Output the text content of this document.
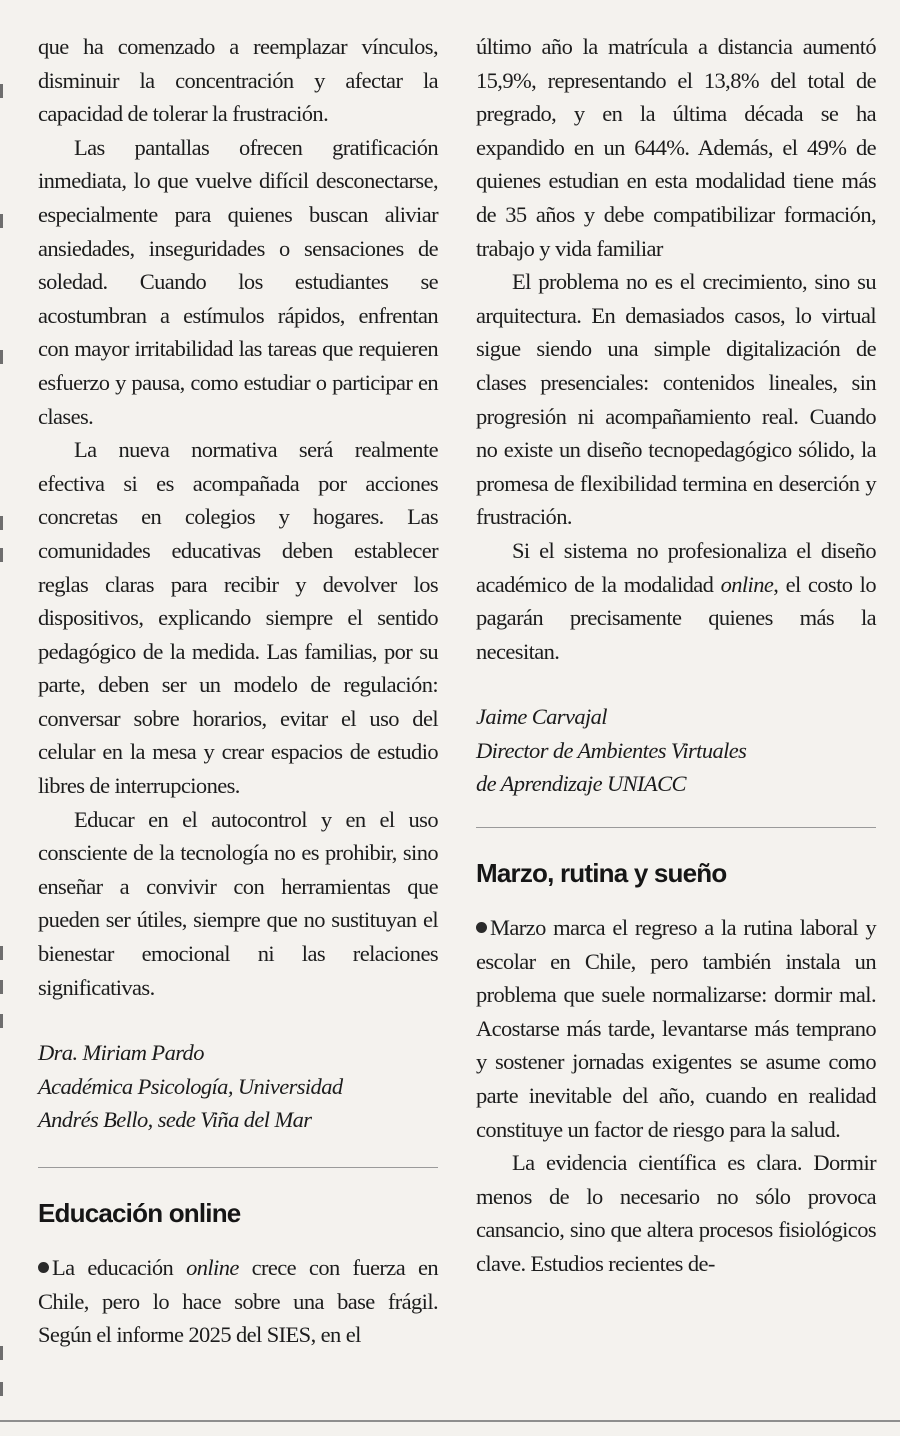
que ha comenzado a reemplazar vínculos, disminuir la concentración y afectar la capacidad de tolerar la frustración.

Las pantallas ofrecen gratificación inmediata, lo que vuelve difícil desconectarse, especialmente para quienes buscan aliviar ansiedades, inseguridades o sensaciones de soledad. Cuando los estudiantes se acostumbran a estímulos rápidos, enfrentan con mayor irritabilidad las tareas que requieren esfuerzo y pausa, como estudiar o participar en clases.

La nueva normativa será realmente efectiva si es acompañada por acciones concretas en colegios y hogares. Las comunidades educativas deben establecer reglas claras para recibir y devolver los dispositivos, explicando siempre el sentido pedagógico de la medida. Las familias, por su parte, deben ser un modelo de regulación: conversar sobre horarios, evitar el uso del celular en la mesa y crear espacios de estudio libres de interrupciones.

Educar en el autocontrol y en el uso consciente de la tecnología no es prohibir, sino enseñar a convivir con herramientas que pueden ser útiles, siempre que no sustituyan el bienestar emocional ni las relaciones significativas.

Dra. Miriam Pardo

Académica Psicología, Universidad

Andrés Bello, sede Viña del Mar

Educación online

La educación online crece con fuerza en Chile, pero lo hace sobre una base frágil. Según el informe 2025 del SIES, en el

último año la matrícula a distancia aumentó 15,9%, representando el 13,8% del total de pregrado, y en la última década se ha expandido en un 644%. Además, el 49% de quienes estudian en esta modalidad tiene más de 35 años y debe compatibilizar formación, trabajo y vida familiar

El problema no es el crecimiento, sino su arquitectura. En demasiados casos, lo virtual sigue siendo una simple digitalización de clases presenciales: contenidos lineales, sin progresión ni acompañamiento real. Cuando no existe un diseño tecnopedagógico sólido, la promesa de flexibilidad termina en deserción y frustración.

Si el sistema no profesionaliza el diseño académico de la modalidad online, el costo lo pagarán precisamente quienes más la necesitan.

Jaime Carvajal

Director de Ambientes Virtuales

de Aprendizaje UNIACC

Marzo, rutina y sueño

Marzo marca el regreso a la rutina laboral y escolar en Chile, pero también instala un problema que suele normalizarse: dormir mal. Acostarse más tarde, levantarse más temprano y sostener jornadas exigentes se asume como parte inevitable del año, cuando en realidad constituye un factor de riesgo para la salud.

La evidencia científica es clara. Dormir menos de lo necesario no sólo provoca cansancio, sino que altera procesos fisiológicos clave. Estudios recientes de-
